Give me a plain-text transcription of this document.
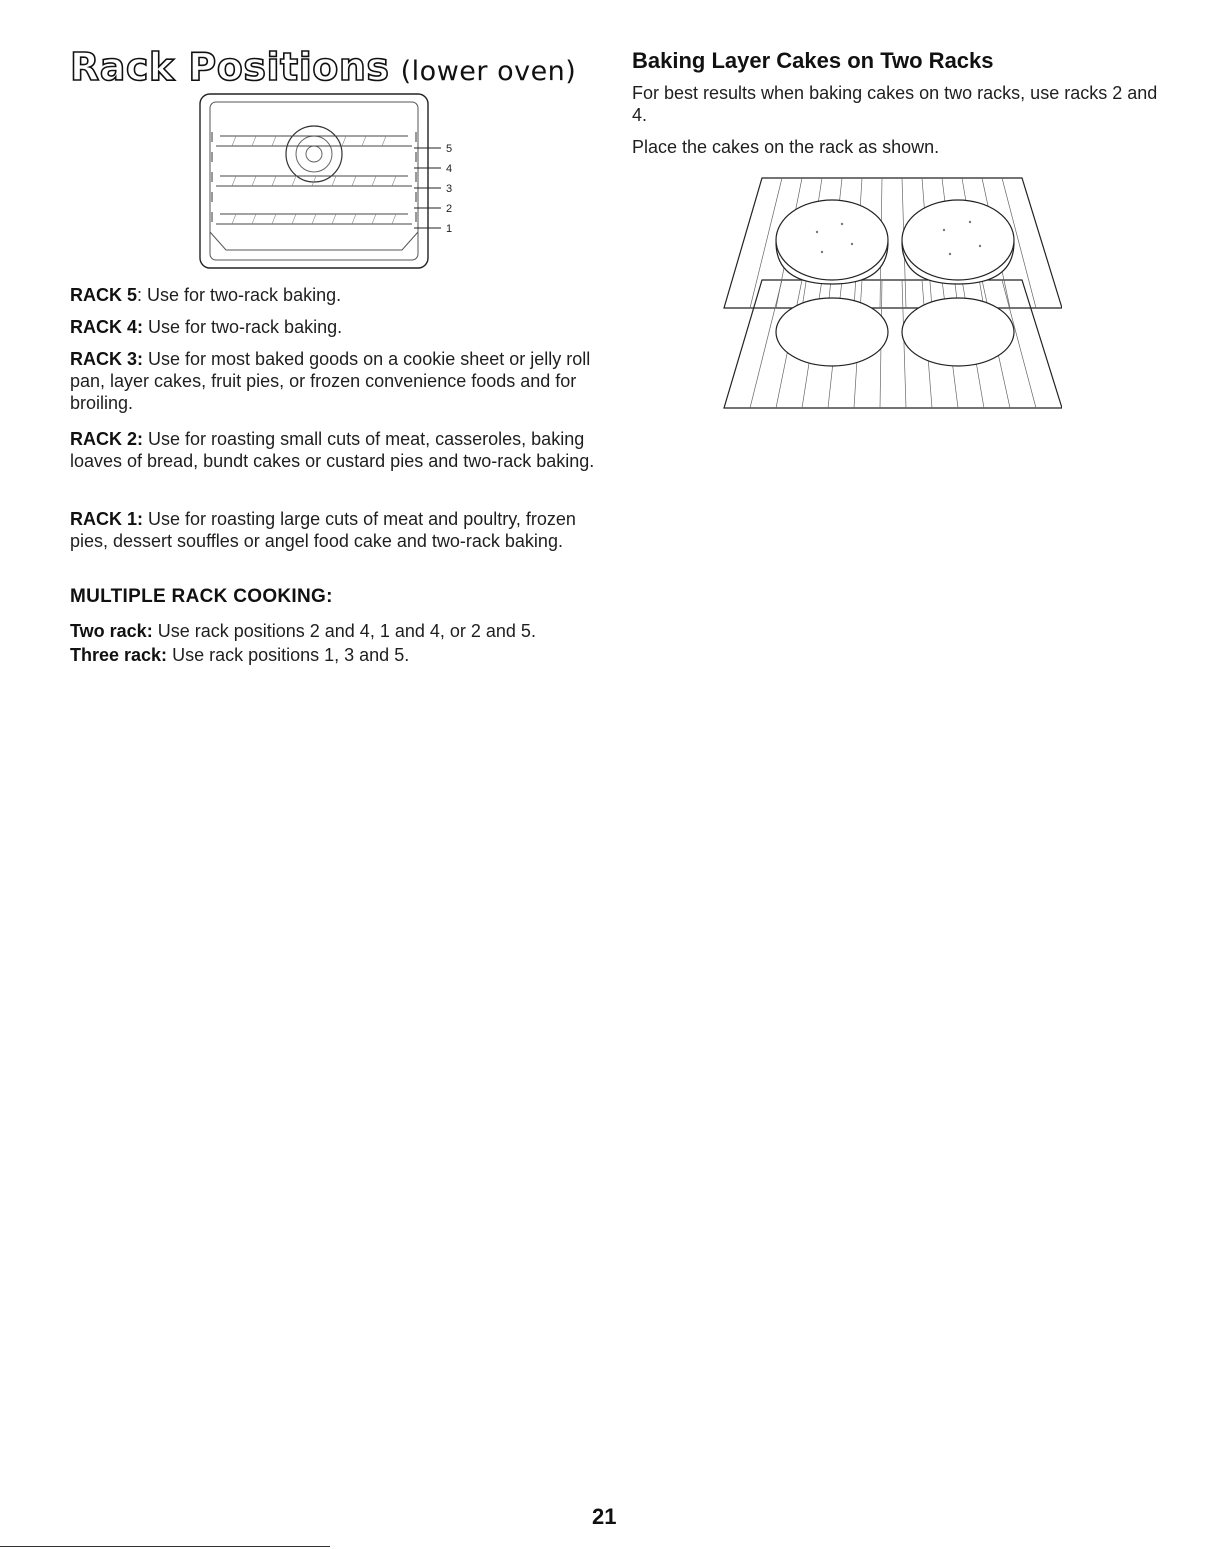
Rack Positions (lower oven)
5
4
3
2
1

RACK 5: Use for two-rack baking.

RACK 4: Use for two-rack baking.

RACK 3: Use for most baked goods on a cookie sheet or jelly roll pan, layer cakes, fruit pies, or frozen convenience foods and for broiling.

RACK 2: Use for roasting small cuts of meat, casseroles, baking loaves of bread, bundt cakes or custard pies and two-rack baking.

RACK 1: Use for roasting large cuts of meat and poultry, frozen pies, dessert souffles or angel food cake and two-rack baking.

MULTIPLE RACK COOKING:

Two rack: Use rack positions 2 and 4, 1 and 4, or 2 and 5.

Three rack: Use rack positions 1, 3 and 5.

Baking Layer Cakes on Two Racks

For best results when baking cakes on two racks, use racks 2 and 4.

Place the cakes on the rack as shown.

21
